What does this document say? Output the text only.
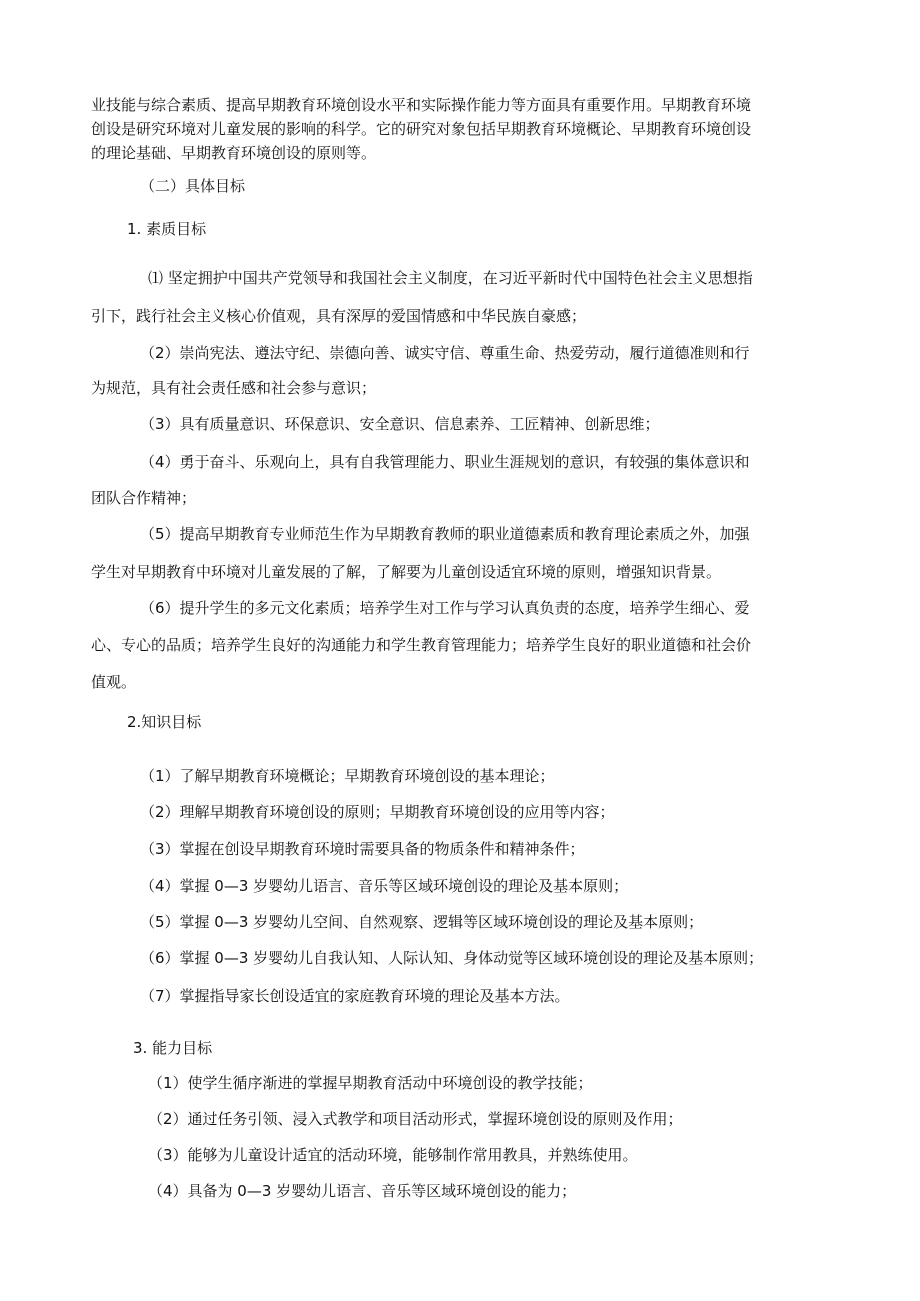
业技能与综合素质、提高早期教育环境创设水平和实际操作能力等方面具有重要作用。早期教育环境
创设是研究环境对儿童发展的影响的科学。它的研究对象包括早期教育环境概论、早期教育环境创设
的理论基础、早期教育环境创设的原则等。
（二）具体目标
1. 素质目标
⑴ 坚定拥护中国共产党领导和我国社会主义制度，在习近平新时代中国特色社会主义思想指
引下，践行社会主义核心价值观，具有深厚的爱国情感和中华民族自豪感；
（2）崇尚宪法、遵法守纪、崇德向善、诚实守信、尊重生命、热爱劳动，履行道德准则和行
为规范，具有社会责任感和社会参与意识；
（3）具有质量意识、环保意识、安全意识、信息素养、工匠精神、创新思维；
（4）勇于奋斗、乐观向上，具有自我管理能力、职业生涯规划的意识，有较强的集体意识和
团队合作精神；
（5）提高早期教育专业师范生作为早期教育教师的职业道德素质和教育理论素质之外，加强
学生对早期教育中环境对儿童发展的了解，了解要为儿童创设适宜环境的原则，增强知识背景。
（6）提升学生的多元文化素质；培养学生对工作与学习认真负责的态度，培养学生细心、爱
心、专心的品质；培养学生良好的沟通能力和学生教育管理能力；培养学生良好的职业道德和社会价
值观。
2.知识目标
（1）了解早期教育环境概论；早期教育环境创设的基本理论；
（2）理解早期教育环境创设的原则；早期教育环境创设的应用等内容；
（3）掌握在创设早期教育环境时需要具备的物质条件和精神条件；
（4）掌握 0—3 岁婴幼儿语言、音乐等区域环境创设的理论及基本原则；
（5）掌握 0—3 岁婴幼儿空间、自然观察、逻辑等区域环境创设的理论及基本原则；
（6）掌握 0—3 岁婴幼儿自我认知、人际认知、身体动觉等区域环境创设的理论及基本原则；
（7）掌握指导家长创设适宜的家庭教育环境的理论及基本方法。
3. 能力目标
（1）使学生循序渐进的掌握早期教育活动中环境创设的教学技能；
（2）通过任务引领、浸入式教学和项目活动形式，掌握环境创设的原则及作用；
（3）能够为儿童设计适宜的活动环境，能够制作常用教具，并熟练使用。
（4）具备为 0—3 岁婴幼儿语言、音乐等区域环境创设的能力；
